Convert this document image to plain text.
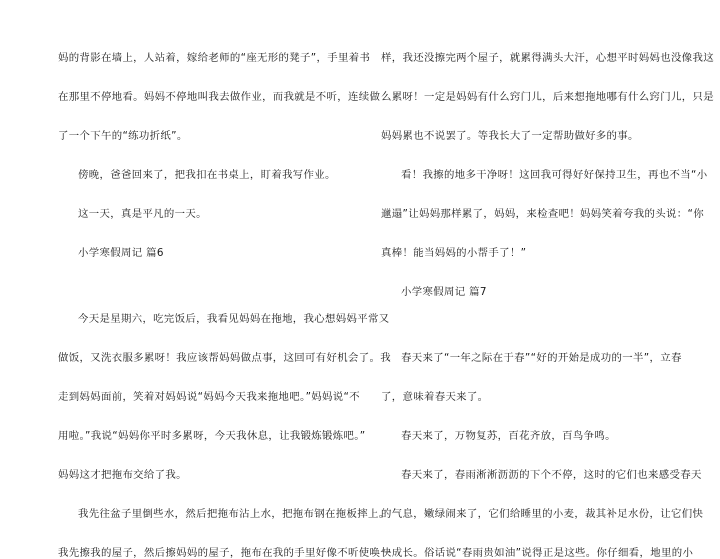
妈的背影在墙上，人站着，嫁给老师的“座无形的凳子”，手里着书
在那里不停地看。妈妈不停地叫我去做作业，而我就是不听，连续做
了一个下午的“练功折纸”。
傍晚，爸爸回来了，把我扣在书桌上，盯着我写作业。
这一天，真是平凡的一天。
小学寒假周记 篇6
今天是星期六，吃完饭后，我看见妈妈在拖地，我心想妈妈平常又
做饭，又洗衣服多累呀！我应该帮妈妈做点事，这回可有好机会了。我
走到妈妈面前，笑着对妈妈说“妈妈今天我来拖地吧。”妈妈说“不
用啦。”我说“妈妈你平时多累呀，今天我休息，让我锻炼锻炼吧。”
妈妈这才把拖布交给了我。
我先往盆子里倒些水，然后把拖布沾上水，把拖布钢在拖板摔上。
我先擦我的屋子，然后擦妈妈的屋子，拖布在我的手里好像不听使唤一
样，我还没擦完两个屋子，就累得满头大汗，心想平时妈妈也没像我这
么累呀！一定是妈妈有什么窍门儿，后来想拖地哪有什么窍门儿，只是
妈妈累也不说罢了。等我长大了一定帮助做好多的事。
看！我擦的地多干净呀！这回我可得好好保持卫生，再也不当“小
邋遢”让妈妈那样累了，妈妈，来检查吧！妈妈笑着夸我的头说：“你
真棒！能当妈妈的小帮手了！”
小学寒假周记 篇7
春天来了“一年之际在于春”“好的开始是成功的一半”，立春
了，意味着春天来了。
春天来了，万物复苏，百花齐放，百鸟争鸣。
春天来了，春雨淅淅沥沥的下个不停，这时的它们也来感受春天
的气息，嫩绿闹来了，它们给睡里的小麦，裁其补足水份，让它们快
快成长。俗话说“春雨贵如油”说得正是这些。你仔细看，地里的小
